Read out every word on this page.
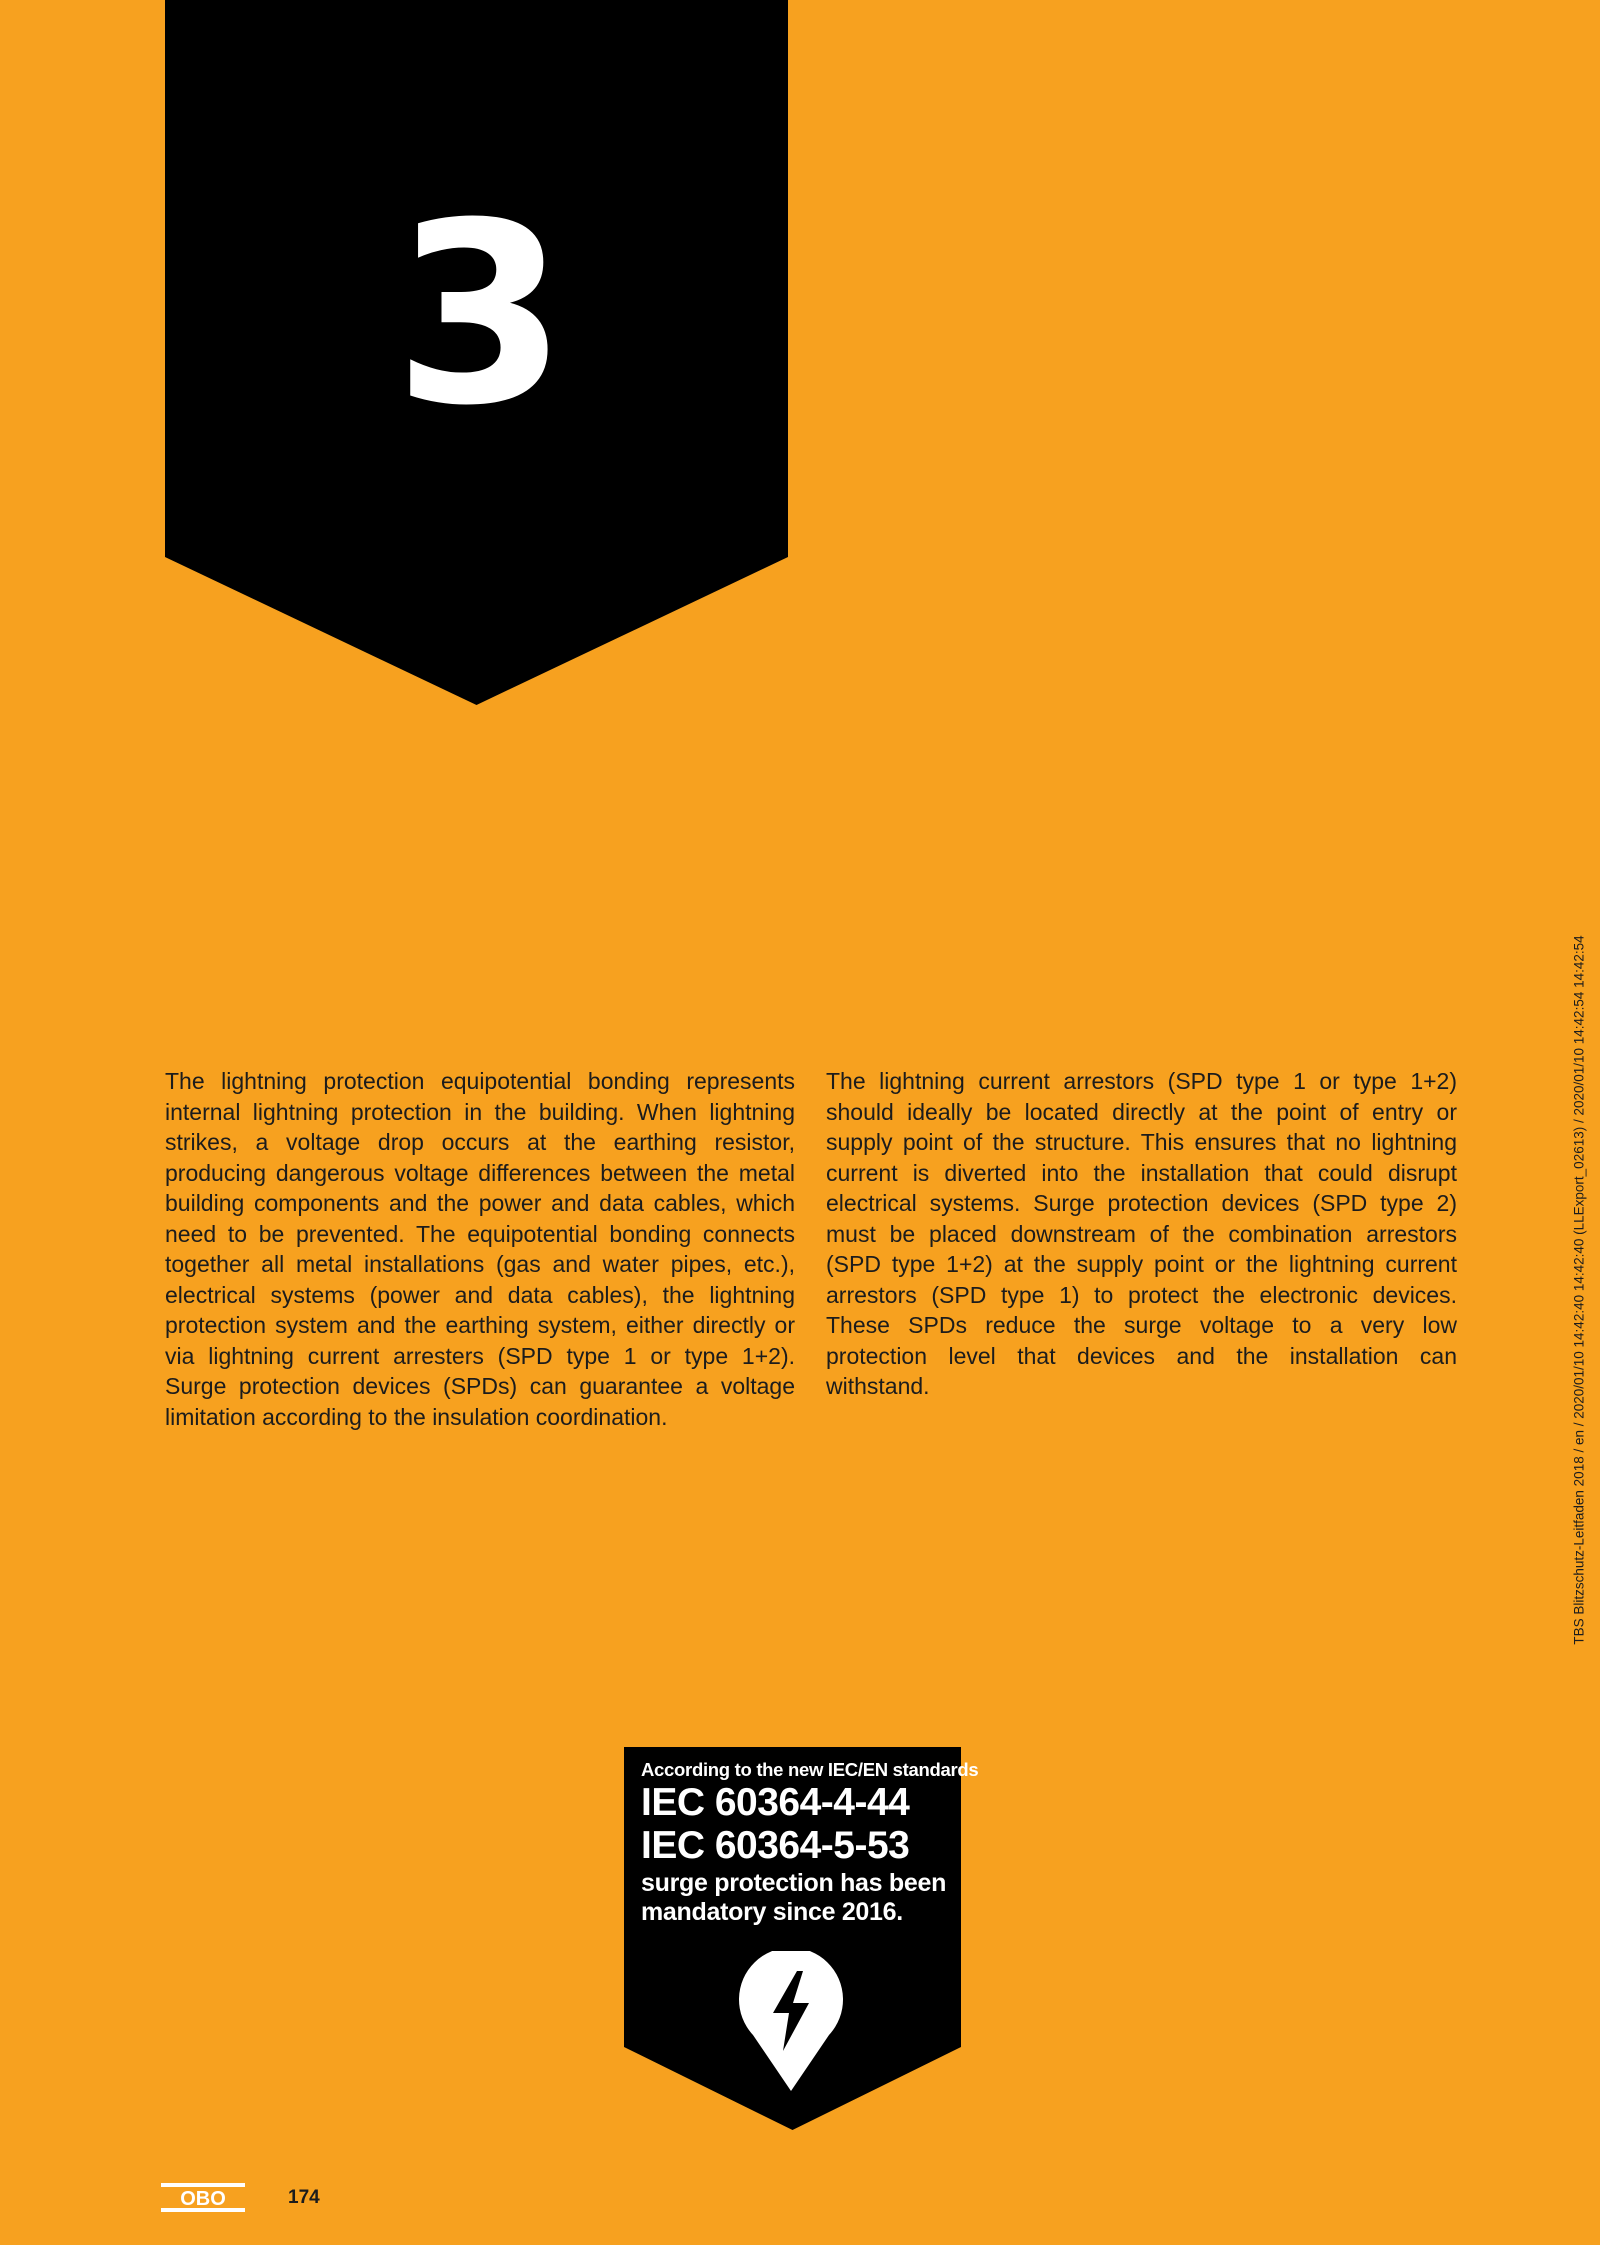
3

The lightning protection equipotential bonding represents internal lightning protection in the building. When lightning strikes, a voltage drop occurs at the earthing resistor, producing dangerous voltage differences between the metal building components and the power and data cables, which need to be prevented. The equipotential bonding connects together all metal installations (gas and water pipes, etc.), electrical systems (power and data cables), the lightning protection system and the earthing system, either directly or via lightning current arresters (SPD type 1 or type 1+2). Surge protection devices (SPDs) can guarantee a voltage limitation according to the insulation coordination.

The lightning current arrestors (SPD type 1 or type 1+2) should ideally be located directly at the point of entry or supply point of the structure. This ensures that no lightning current is diverted into the installation that could disrupt electrical systems. Surge protection devices (SPD type 2) must be placed downstream of the combination arrestors (SPD type 1+2) at the supply point or the lightning current arrestors (SPD type 1) to protect the electronic devices. These SPDs reduce the surge voltage to a very low protection level that devices and the installation can withstand.

According to the new IEC/EN standards
IEC 60364-4-44
IEC 60364-5-53
surge protection has been
mandatory since 2016.
OBO	174
TBS Blitzschutz-Leitfaden 2018 / en / 2020/01/10 14:42:40 14:42:40 (LLExport_02613) / 2020/01/10 14:42:54 14:42:54
